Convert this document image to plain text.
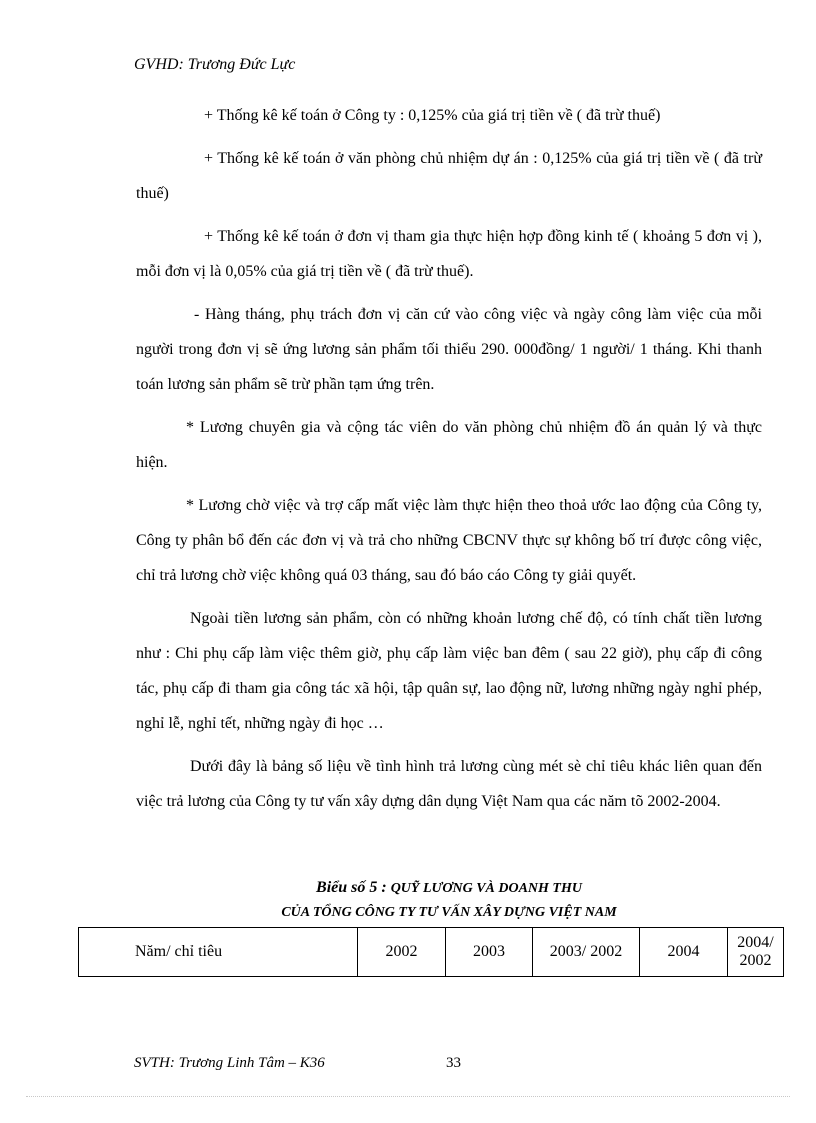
GVHD: Trương Đức Lực

+ Thống kê kế toán ở Công ty : 0,125% của giá trị tiền về ( đã trừ thuế)

+ Thống kê kế toán ở văn phòng chủ nhiệm dự án : 0,125% của giá trị tiền về ( đã trừ thuế)

+ Thống kê kế toán ở đơn vị tham gia thực hiện hợp đồng kinh tế ( khoảng 5 đơn vị ), mỗi đơn vị là 0,05% của giá trị tiền về ( đã trừ thuế).

- Hàng tháng, phụ trách đơn vị căn cứ vào công việc và ngày công làm việc của mỗi người trong đơn vị sẽ ứng lương sản phẩm tối thiểu 290. 000đồng/ 1 người/ 1 tháng. Khi thanh toán lương sản phẩm sẽ trừ phần tạm ứng trên.

* Lương chuyên gia và cộng tác viên do văn phòng chủ nhiệm đồ án quản lý và thực hiện.

* Lương chờ việc và trợ cấp mất việc làm thực hiện theo thoả ước lao động của Công ty, Công ty phân bổ đến các đơn vị và trả cho những CBCNV thực sự không bố trí được công việc, chỉ trả lương chờ việc không quá 03 tháng, sau đó báo cáo Công ty giải quyết.

Ngoài tiền lương sản phẩm, còn có những khoản lương chế độ, có tính chất tiền lương như : Chi phụ cấp làm việc thêm giờ, phụ cấp làm việc ban đêm ( sau 22 giờ), phụ cấp đi công tác, phụ cấp đi tham gia công tác xã hội, tập quân sự, lao động nữ, lương những ngày nghỉ phép, nghỉ lễ, nghỉ tết, những ngày đi học …

Dưới đây là bảng số liệu về tình hình trả lương cùng mét sè chỉ tiêu khác liên quan đến việc trả lương của Công ty tư vấn xây dựng dân dụng Việt Nam qua các năm tõ 2002-2004.

Biểu số 5 : QUỸ LƯƠNG VÀ DOANH THU
CỦA TỔNG CÔNG TY TƯ VẤN XÂY DỰNG VIỆT NAM
Năm/ chỉ tiêu	2002	2003	2003/ 2002	2004	2004/ 2002
SVTH: Trương Linh Tâm – K36	33
